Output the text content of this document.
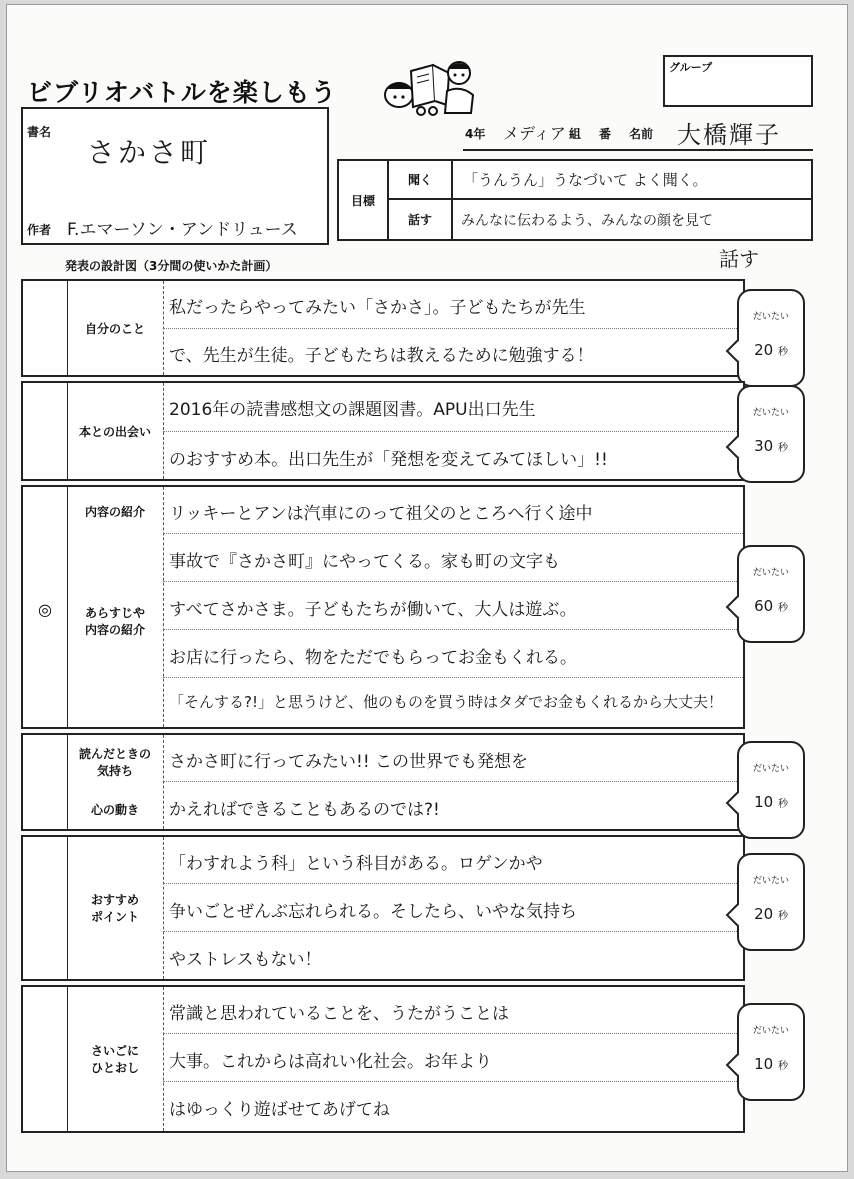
ビブリオバトルを楽しもう
グループ
書名
さかさ町
作者 F.エマーソン・アンドリュース
4年 メディア 組 番 名前 大橋輝子
目標
聞く
話す
「うんうん」うなづいて よく聞く。
みんなに伝わるよう、みんなの顔を見て
話す
発表の設計図（3分間の使いかた計画）
自分のこと
私だったらやってみたい「さかさ」。子どもたちが先生
で、先生が生徒。子どもたちは教えるために勉強する！
だいたい
20 秒
本との出会い
2016年の読書感想文の課題図書。APU出口先生
のおすすめ本。出口先生が「発想を変えてみてほしい」!!
だいたい
30 秒
◎
内容の紹介
あらすじや
内容の紹介
リッキーとアンは汽車にのって祖父のところへ行く途中
事故で『さかさ町』にやってくる。家も町の文字も
すべてさかさま。子どもたちが働いて、大人は遊ぶ。
お店に行ったら、物をただでもらってお金もくれる。
「そんする?!」と思うけど、他のものを買う時はタダでお金もくれるから大丈夫！
だいたい
60 秒
読んだときの
気持ち
心の動き
さかさ町に行ってみたい!! この世界でも発想を
かえればできることもあるのでは?!
だいたい
10 秒
おすすめ
ポイント
「わすれよう科」という科目がある。ロゲンかや
争いごとぜんぶ忘れられる。そしたら、いやな気持ち
やストレスもない！
だいたい
20 秒
さいごに
ひとおし
常識と思われていることを、うたがうことは
大事。これからは高れい化社会。お年より
はゆっくり遊ばせてあげてね
だいたい
10 秒
